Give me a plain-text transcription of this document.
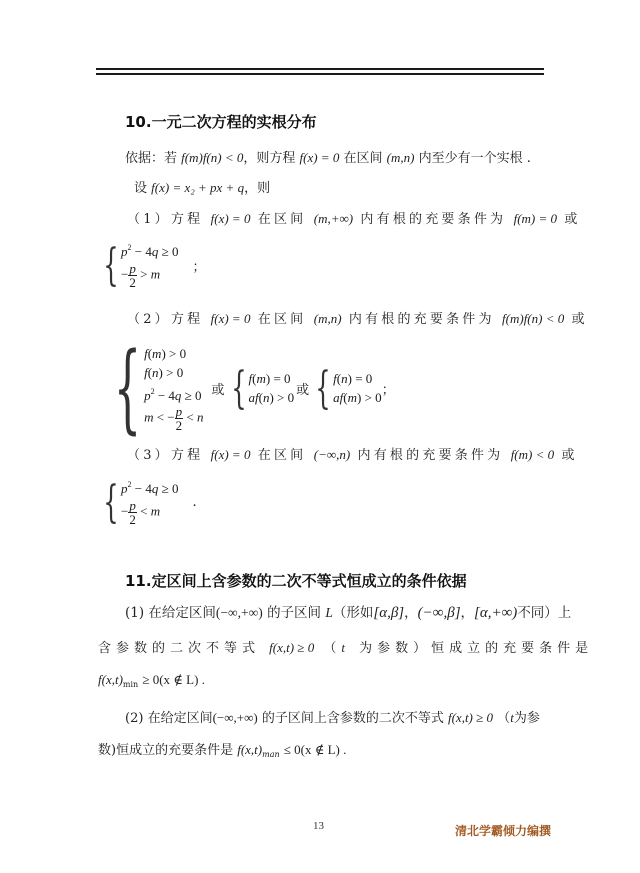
10.一元二次方程的实根分布
依据：若 f(m)f(n) < 0，则方程 f(x) = 0 在区间 (m,n) 内至少有一个实根 .
设 f(x) = x₂ + px + q，则
（1）方程 f(x) = 0 在区间 (m,+∞) 内有根的充要条件为 f(m) = 0 或
{ $p^2 - 4q \ge 0$
− $\frac{p}{2} > m$	；
（2）方程 f(x) = 0 在区间 (m,n) 内有根的充要条件为 f(m)f(n) < 0 或
{ f(m) > 0
f(n) > 0
$p^2 - 4q \ge 0$
m < − $\frac{p}{2} < n$
或 { f(m) = 0
af(n) > 0 或 { f(n) = 0
af(m) > 0 ；
（3）方程 f(x) = 0 在区间 (−∞,n) 内有根的充要条件为 f(m) < 0 或
{ $p^2 - 4q \ge 0$
− $\frac{p}{2} < m$
.
11.定区间上含参数的二次不等式恒成立的条件依据
(1) 在给定区间(−∞,+∞) 的子区间 L（形如[α,β]，(−∞,β]，[α,+∞)不同）上
含参数的二次不等式 f(x,t) ≥ 0 （t 为参数）恒成立的充要条件是
$f(x,t)_{min} \ge 0(x$ ∉ L) .
(2) 在给定区间(−∞,+∞) 的子区间上含参数的二次不等式 f(x,t) ≥ 0 （t为参
数)恒成立的充要条件是 $f(x,t)_{man} \le 0(x$ ∉ L) .
13	清北学霸倾力编撰
